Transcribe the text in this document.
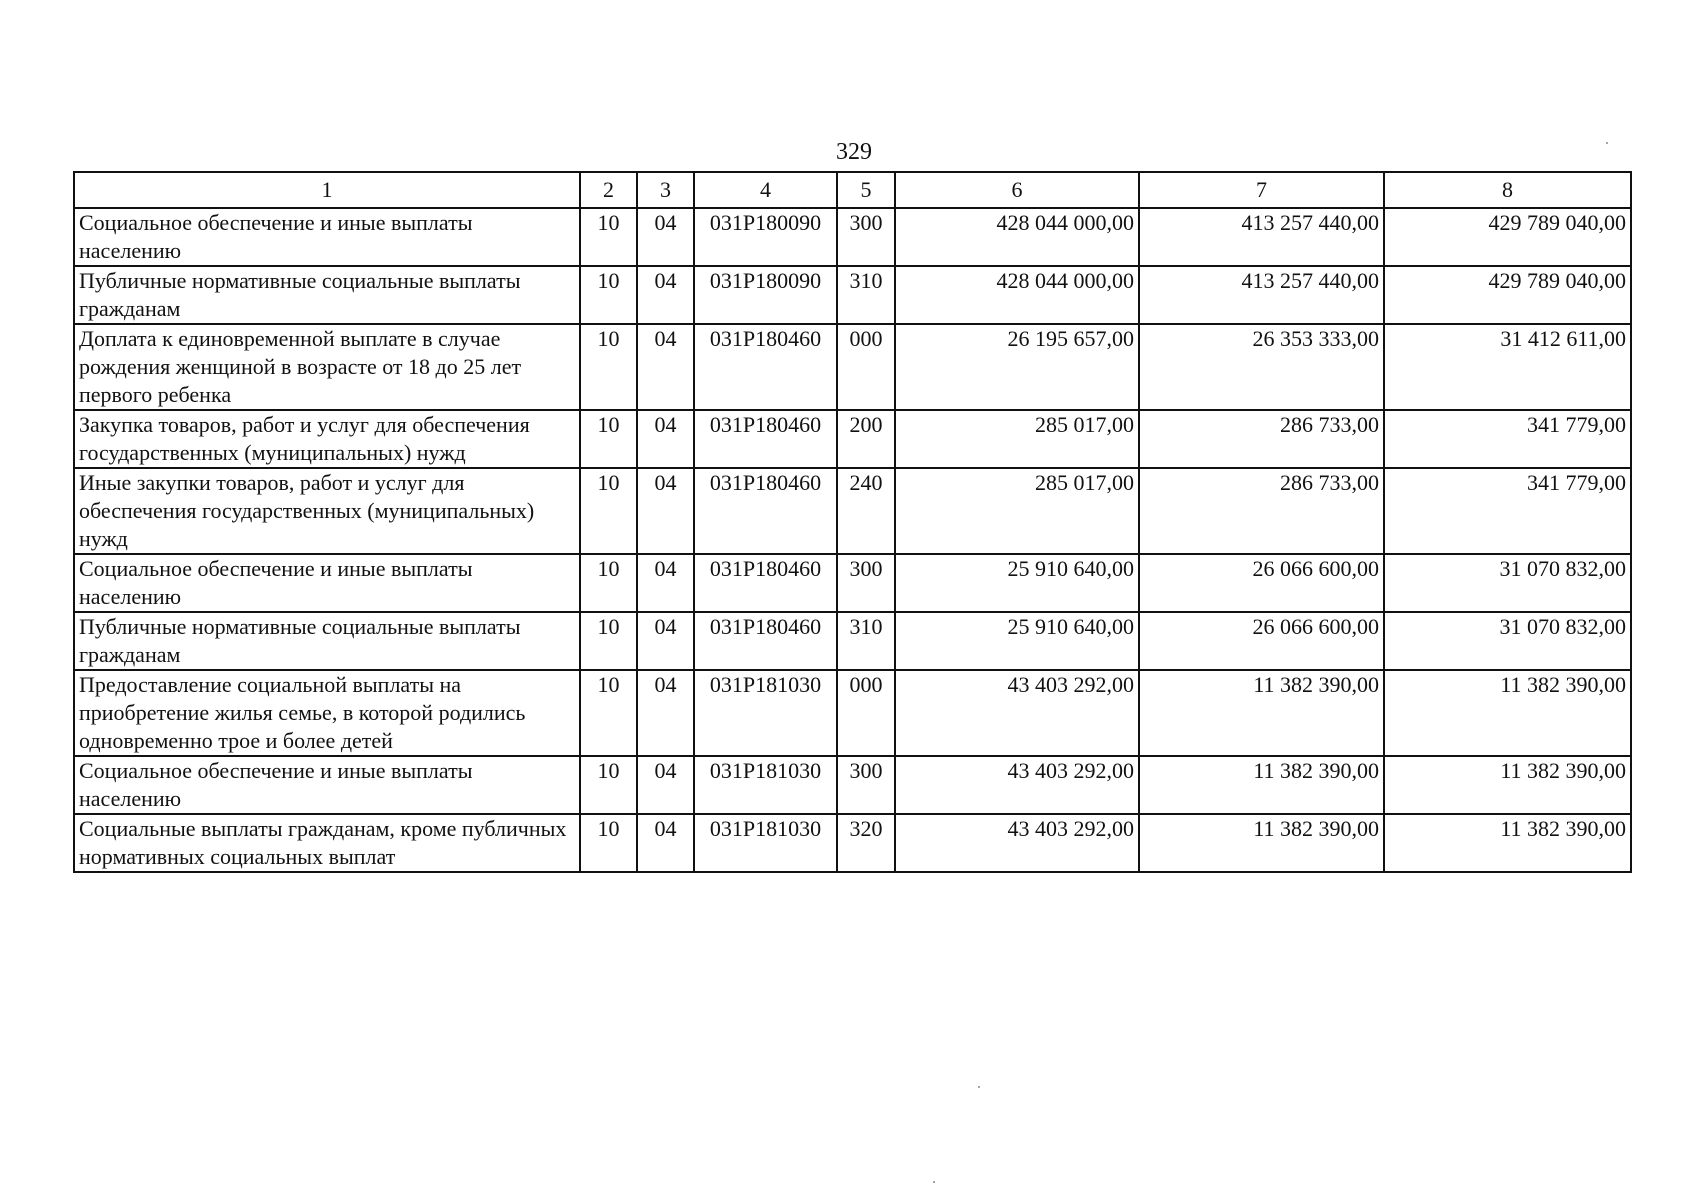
329
1	2	3	4	5	6	7	8
Социальное обеспечение и иные выплаты населению	10	04	031P180090	300	428 044 000,00	413 257 440,00	429 789 040,00
Публичные нормативные социальные выплаты гражданам	10	04	031P180090	310	428 044 000,00	413 257 440,00	429 789 040,00
Доплата к единовременной выплате в случае рождения женщиной в возрасте от 18 до 25 лет первого ребенка	10	04	031P180460	000	26 195 657,00	26 353 333,00	31 412 611,00
Закупка товаров, работ и услуг для обеспечения государственных (муниципальных) нужд	10	04	031P180460	200	285 017,00	286 733,00	341 779,00
Иные закупки товаров, работ и услуг для обеспечения государственных (муниципальных) нужд	10	04	031P180460	240	285 017,00	286 733,00	341 779,00
Социальное обеспечение и иные выплаты населению	10	04	031P180460	300	25 910 640,00	26 066 600,00	31 070 832,00
Публичные нормативные социальные выплаты гражданам	10	04	031P180460	310	25 910 640,00	26 066 600,00	31 070 832,00
Предоставление социальной выплаты на приобретение жилья семье, в которой родились одновременно трое и более детей	10	04	031P181030	000	43 403 292,00	11 382 390,00	11 382 390,00
Социальное обеспечение и иные выплаты населению	10	04	031P181030	300	43 403 292,00	11 382 390,00	11 382 390,00
Социальные выплаты гражданам, кроме публичных нормативных социальных выплат	10	04	031P181030	320	43 403 292,00	11 382 390,00	11 382 390,00
